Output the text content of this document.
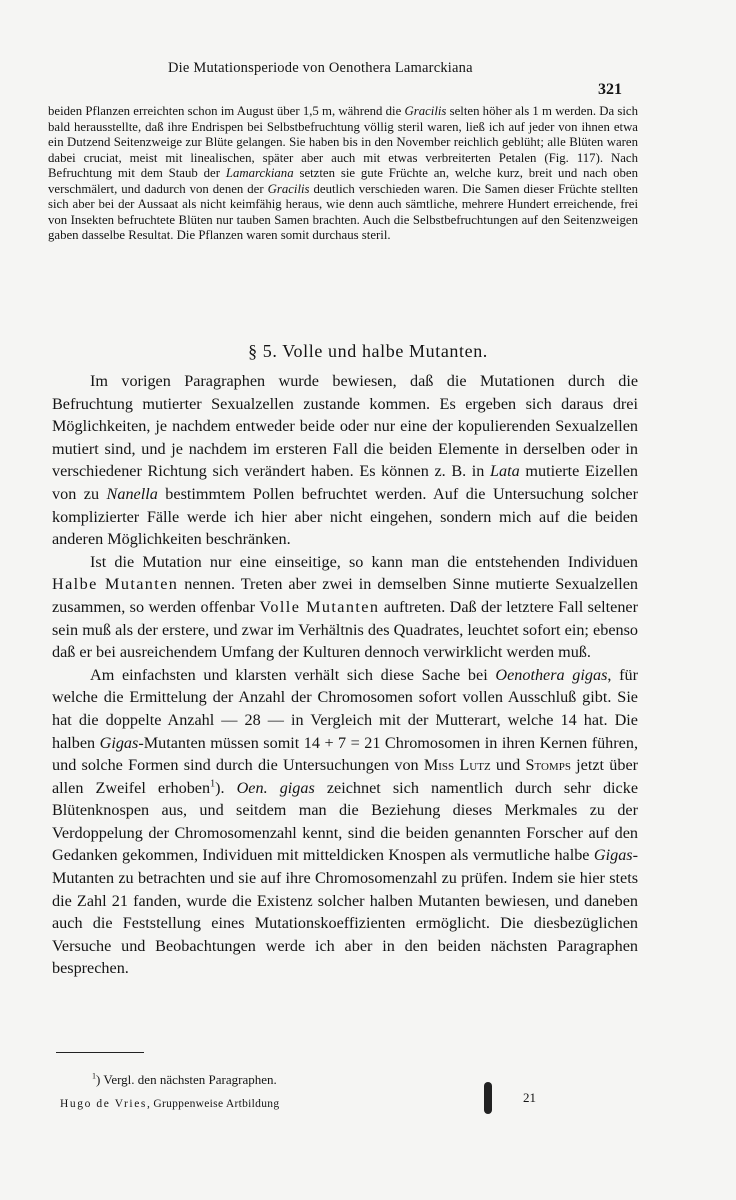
Die Mutationsperiode von Oenothera Lamarckiana
321

beiden Pflanzen erreichten schon im August über 1,5 m, während die Gracilis selten höher als 1 m werden. Da sich bald herausstellte, daß ihre Endrispen bei Selbstbefruchtung völlig steril waren, ließ ich auf jeder von ihnen etwa ein Dutzend Seitenzweige zur Blüte gelangen. Sie haben bis in den November reichlich geblüht; alle Blüten waren dabei cruciat, meist mit linealischen, später aber auch mit etwas verbreiterten Petalen (Fig. 117). Nach Befruchtung mit dem Staub der Lamarckiana setzten sie gute Früchte an, welche kurz, breit und nach oben verschmälert, und dadurch von denen der Gracilis deutlich verschieden waren. Die Samen dieser Früchte stellten sich aber bei der Aussaat als nicht keimfähig heraus, wie denn auch sämtliche, mehrere Hundert erreichende, frei von Insekten befruchtete Blüten nur tauben Samen brachten. Auch die Selbstbefruchtungen auf den Seitenzweigen gaben dasselbe Resultat. Die Pflanzen waren somit durchaus steril.

§ 5. Volle und halbe Mutanten.

Im vorigen Paragraphen wurde bewiesen, daß die Mutationen durch die Befruchtung mutierter Sexualzellen zustande kommen. Es ergeben sich daraus drei Möglichkeiten, je nachdem entweder beide oder nur eine der kopulierenden Sexualzellen mutiert sind, und je nachdem im ersteren Fall die beiden Elemente in derselben oder in verschiedener Richtung sich verändert haben. Es können z. B. in Lata mutierte Eizellen von zu Nanella bestimmtem Pollen befruchtet werden. Auf die Untersuchung solcher komplizierter Fälle werde ich hier aber nicht eingehen, sondern mich auf die beiden anderen Möglichkeiten beschränken.

Ist die Mutation nur eine einseitige, so kann man die entstehenden Individuen Halbe Mutanten nennen. Treten aber zwei in demselben Sinne mutierte Sexualzellen zusammen, so werden offenbar Volle Mutanten auftreten. Daß der letztere Fall seltener sein muß als der erstere, und zwar im Verhältnis des Quadrates, leuchtet sofort ein; ebenso daß er bei ausreichendem Umfang der Kulturen dennoch verwirklicht werden muß.

Am einfachsten und klarsten verhält sich diese Sache bei Oenothera gigas, für welche die Ermittelung der Anzahl der Chromosomen sofort vollen Ausschluß gibt. Sie hat die doppelte Anzahl — 28 — in Vergleich mit der Mutterart, welche 14 hat. Die halben Gigas-Mutanten müssen somit 14 + 7 = 21 Chromosomen in ihren Kernen führen, und solche Formen sind durch die Untersuchungen von Miss Lutz und Stomps jetzt über allen Zweifel erhoben$^1$). Oen. gigas zeichnet sich namentlich durch sehr dicke Blütenknospen aus, und seitdem man die Beziehung dieses Merkmales zu der Verdoppelung der Chromosomenzahl kennt, sind die beiden genannten Forscher auf den Gedanken gekommen, Individuen mit mitteldicken Knospen als vermutliche halbe Gigas-Mutanten zu betrachten und sie auf ihre Chromosomenzahl zu prüfen. Indem sie hier stets die Zahl 21 fanden, wurde die Existenz solcher halben Mutanten bewiesen, und daneben auch die Feststellung eines Mutationskoeffizienten ermöglicht. Die diesbezüglichen Versuche und Beobachtungen werde ich aber in den beiden nächsten Paragraphen besprechen.

$^1$) Vergl. den nächsten Paragraphen.
Hugo de Vries, Gruppenweise Artbildung	21
